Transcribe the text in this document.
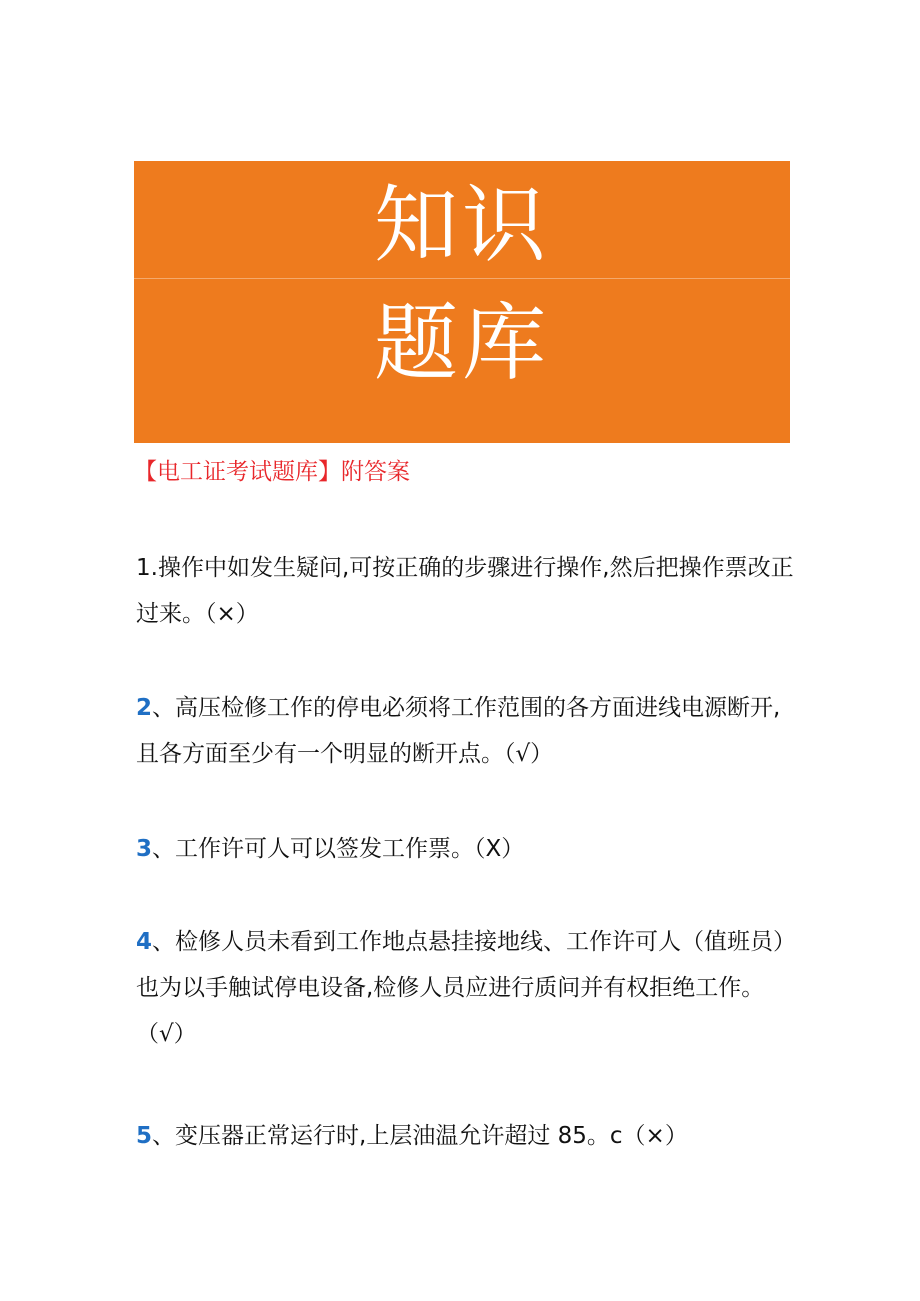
知识
题库
【电工证考试题库】附答案
1.操作中如发生疑问,可按正确的步骤进行操作,然后把操作票改正过来。（×）
2、高压检修工作的停电必须将工作范围的各方面进线电源断开,且各方面至少有一个明显的断开点。（√）
3、工作许可人可以签发工作票。（X）
4、检修人员未看到工作地点悬挂接地线、工作许可人（值班员）也为以手触试停电设备,检修人员应进行质问并有权拒绝工作。（√）
5、变压器正常运行时,上层油温允许超过 85。c（×）
